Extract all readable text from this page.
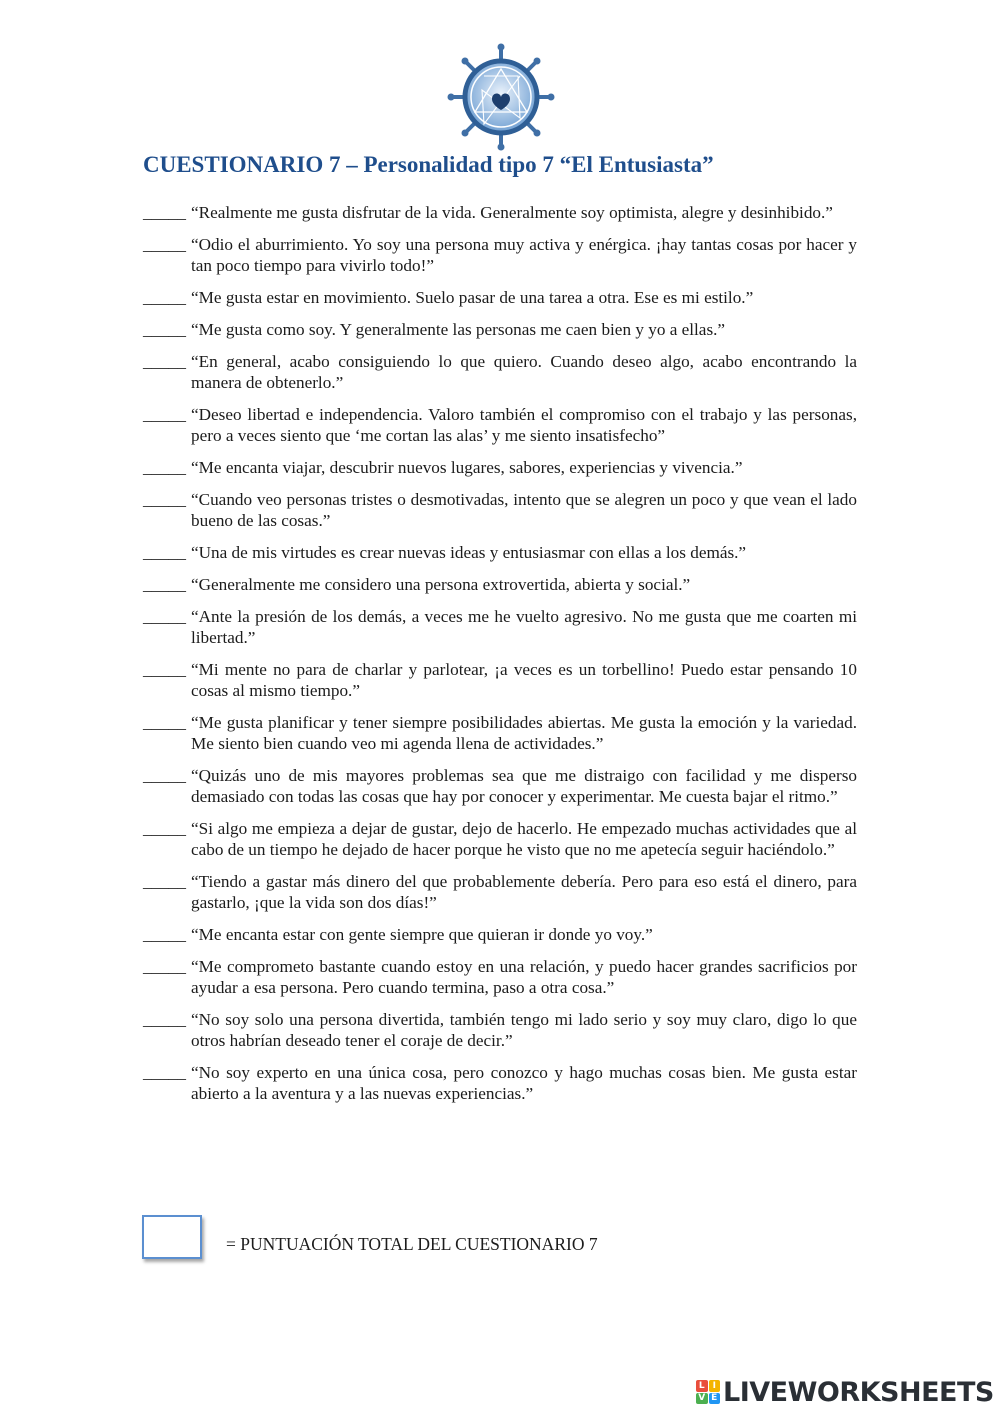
CUESTIONARIO 7 – Personalidad tipo 7 “El Entusiasta”
_____
“Realmente me gusta disfrutar de la vida. Generalmente soy optimista, alegre y desinhibido.”
_____
“Odio el aburrimiento. Yo soy una persona muy activa y enérgica. ¡hay tantas cosas por hacer y tan poco tiempo para vivirlo todo!”
_____
“Me gusta estar en movimiento. Suelo pasar de una tarea a otra. Ese es mi estilo.”
_____
“Me gusta como soy. Y generalmente las personas me caen bien y yo a ellas.”
_____
“En general, acabo consiguiendo lo que quiero. Cuando deseo algo, acabo encontrando la manera de obtenerlo.”
_____
“Deseo libertad e independencia. Valoro también el compromiso con el trabajo y las personas, pero a veces siento que ‘me cortan las alas’ y me siento insatisfecho”
_____
“Me encanta viajar, descubrir nuevos lugares, sabores, experiencias y vivencia.”
_____
“Cuando veo personas tristes o desmotivadas, intento que se alegren un poco y que vean el lado bueno de las cosas.”
_____
“Una de mis virtudes es crear nuevas ideas y entusiasmar con ellas a los demás.”
_____
“Generalmente me considero una persona extrovertida, abierta y social.”
_____
“Ante la presión de los demás, a veces me he vuelto agresivo. No me gusta que me coarten mi libertad.”
_____
“Mi mente no para de charlar y parlotear, ¡a veces es un torbellino! Puedo estar pensando 10 cosas al mismo tiempo.”
_____
“Me gusta planificar y tener siempre posibilidades abiertas. Me gusta la emoción y la variedad. Me siento bien cuando veo mi agenda llena de actividades.”
_____
“Quizás uno de mis mayores problemas sea que me distraigo con facilidad y me disperso demasiado con todas las cosas que hay por conocer y experimentar. Me cuesta bajar el ritmo.”
_____
“Si algo me empieza a dejar de gustar, dejo de hacerlo. He empezado muchas actividades que al cabo de un tiempo he dejado de hacer porque he visto que no me apetecía seguir haciéndolo.”
_____
“Tiendo a gastar más dinero del que probablemente debería. Pero para eso está el dinero, para gastarlo, ¡que la vida son dos días!”
_____
“Me encanta estar con gente siempre que quieran ir donde yo voy.”
_____
“Me comprometo bastante cuando estoy en una relación, y puedo hacer grandes sacrificios por ayudar a esa persona. Pero cuando termina, paso a otra cosa.”
_____
“No soy solo una persona divertida, también tengo mi lado serio y soy muy claro, digo lo que otros habrían deseado tener el coraje de decir.”
_____
“No soy experto en una única cosa, pero conozco y hago muchas cosas bien. Me gusta estar abierto a la aventura y a las nuevas experiencias.”
= PUNTUACIÓN TOTAL DEL CUESTIONARIO 7
L I
V E LIVEWORKSHEETS
